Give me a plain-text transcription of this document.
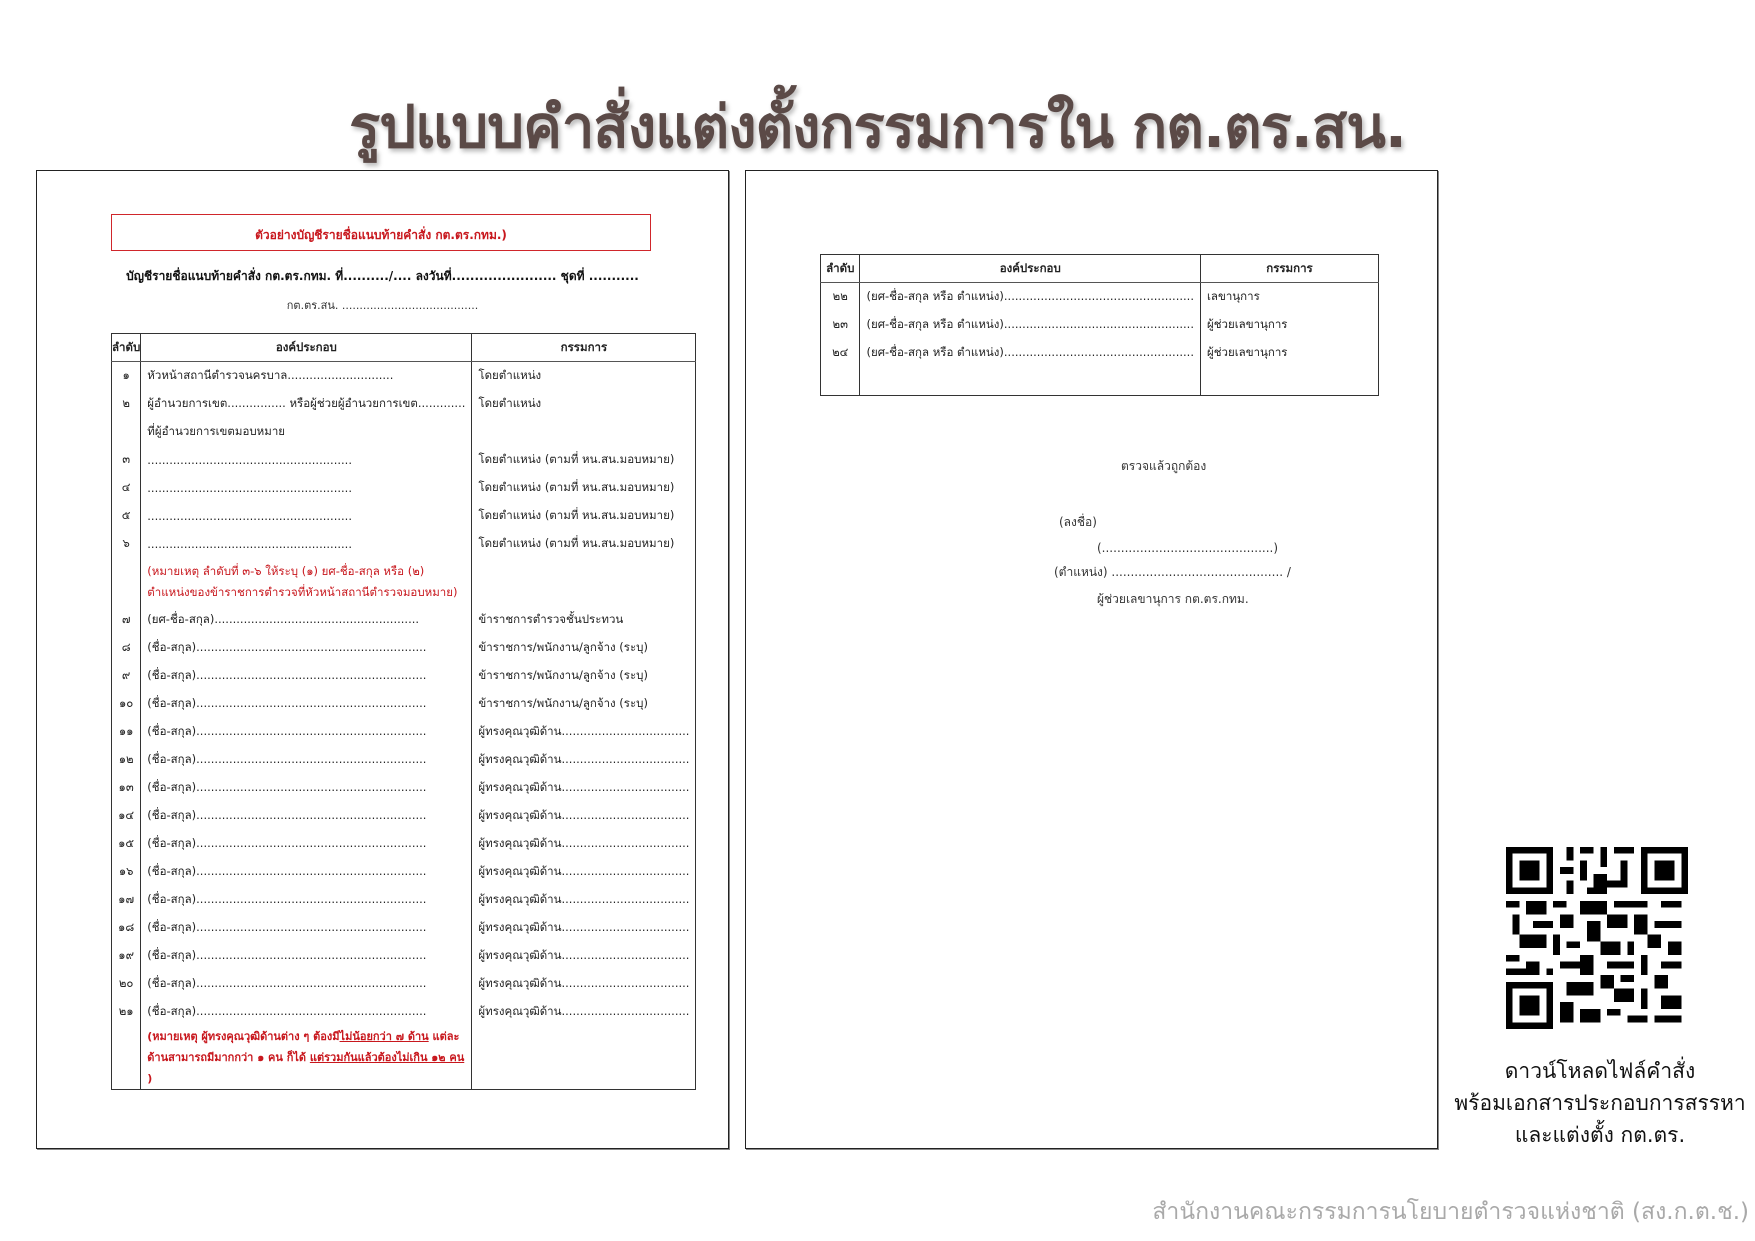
รูปแบบคำสั่งแต่งตั้งกรรมการใน กต.ตร.สน.
ตัวอย่างบัญชีรายชื่อแนบท้ายคำสั่ง กต.ตร.กทม.)
บัญชีรายชื่อแนบท้ายคำสั่ง กต.ตร.กทม. ที่........../.... ลงวันที่....................... ชุดที่ ...........
กต.ตร.สน. .......................................
ลำดับ	องค์ประกอบ	กรรมการ
๑	หัวหน้าสถานีตำรวจนครบาล.............................	โดยตำแหน่ง
๒	ผู้อำนวยการเขต................ หรือผู้ช่วยผู้อำนวยการเขต.............	โดยตำแหน่ง
	ที่ผู้อำนวยการเขตมอบหมาย	
๓	........................................................	โดยตำแหน่ง (ตามที่ หน.สน.มอบหมาย)
๔	........................................................	โดยตำแหน่ง (ตามที่ หน.สน.มอบหมาย)
๕	........................................................	โดยตำแหน่ง (ตามที่ หน.สน.มอบหมาย)
๖	........................................................	โดยตำแหน่ง (ตามที่ หน.สน.มอบหมาย)
	(หมายเหตุ ลำดับที่ ๓-๖ ให้ระบุ (๑) ยศ-ชื่อ-สกุล หรือ (๒) ตำแหน่งของข้าราชการตำรวจที่หัวหน้าสถานีตำรวจมอบหมาย)	
๗	(ยศ-ชื่อ-สกุล)........................................................	ข้าราชการตำรวจชั้นประทวน
๘	(ชื่อ-สกุล)...............................................................	ข้าราชการ/พนักงาน/ลูกจ้าง (ระบุ)
๙	(ชื่อ-สกุล)...............................................................	ข้าราชการ/พนักงาน/ลูกจ้าง (ระบุ)
๑๐	(ชื่อ-สกุล)...............................................................	ข้าราชการ/พนักงาน/ลูกจ้าง (ระบุ)
๑๑	(ชื่อ-สกุล)...............................................................	ผู้ทรงคุณวุฒิด้าน...................................
๑๒	(ชื่อ-สกุล)...............................................................	ผู้ทรงคุณวุฒิด้าน...................................
๑๓	(ชื่อ-สกุล)...............................................................	ผู้ทรงคุณวุฒิด้าน...................................
๑๔	(ชื่อ-สกุล)...............................................................	ผู้ทรงคุณวุฒิด้าน...................................
๑๕	(ชื่อ-สกุล)...............................................................	ผู้ทรงคุณวุฒิด้าน...................................
๑๖	(ชื่อ-สกุล)...............................................................	ผู้ทรงคุณวุฒิด้าน...................................
๑๗	(ชื่อ-สกุล)...............................................................	ผู้ทรงคุณวุฒิด้าน...................................
๑๘	(ชื่อ-สกุล)...............................................................	ผู้ทรงคุณวุฒิด้าน...................................
๑๙	(ชื่อ-สกุล)...............................................................	ผู้ทรงคุณวุฒิด้าน...................................
๒๐	(ชื่อ-สกุล)...............................................................	ผู้ทรงคุณวุฒิด้าน...................................
๒๑	(ชื่อ-สกุล)...............................................................	ผู้ทรงคุณวุฒิด้าน...................................
	(หมายเหตุ ผู้ทรงคุณวุฒิด้านต่าง ๆ ต้องมีไม่น้อยกว่า ๗ ด้าน แต่ละด้านสามารถมีมากกว่า ๑ คน ก็ได้ แต่รวมกันแล้วต้องไม่เกิน ๑๒ คน )	
ลำดับ	องค์ประกอบ	กรรมการ
๒๒	(ยศ-ชื่อ-สกุล หรือ ตำแหน่ง)....................................................	เลขานุการ
๒๓	(ยศ-ชื่อ-สกุล หรือ ตำแหน่ง)....................................................	ผู้ช่วยเลขานุการ
๒๔	(ยศ-ชื่อ-สกุล หรือ ตำแหน่ง)....................................................	ผู้ช่วยเลขานุการ

ตรวจแล้วถูกต้อง
(ลงชื่อ)
(.............................................)
(ตำแหน่ง) ............................................. /
ผู้ช่วยเลขานุการ กต.ตร.กทม.
ดาวน์โหลดไฟล์คำสั่ง
พร้อมเอกสารประกอบการสรรหา
และแต่งตั้ง กต.ตร.
สำนักงานคณะกรรมการนโยบายตำรวจแห่งชาติ (สง.ก.ต.ช.)
